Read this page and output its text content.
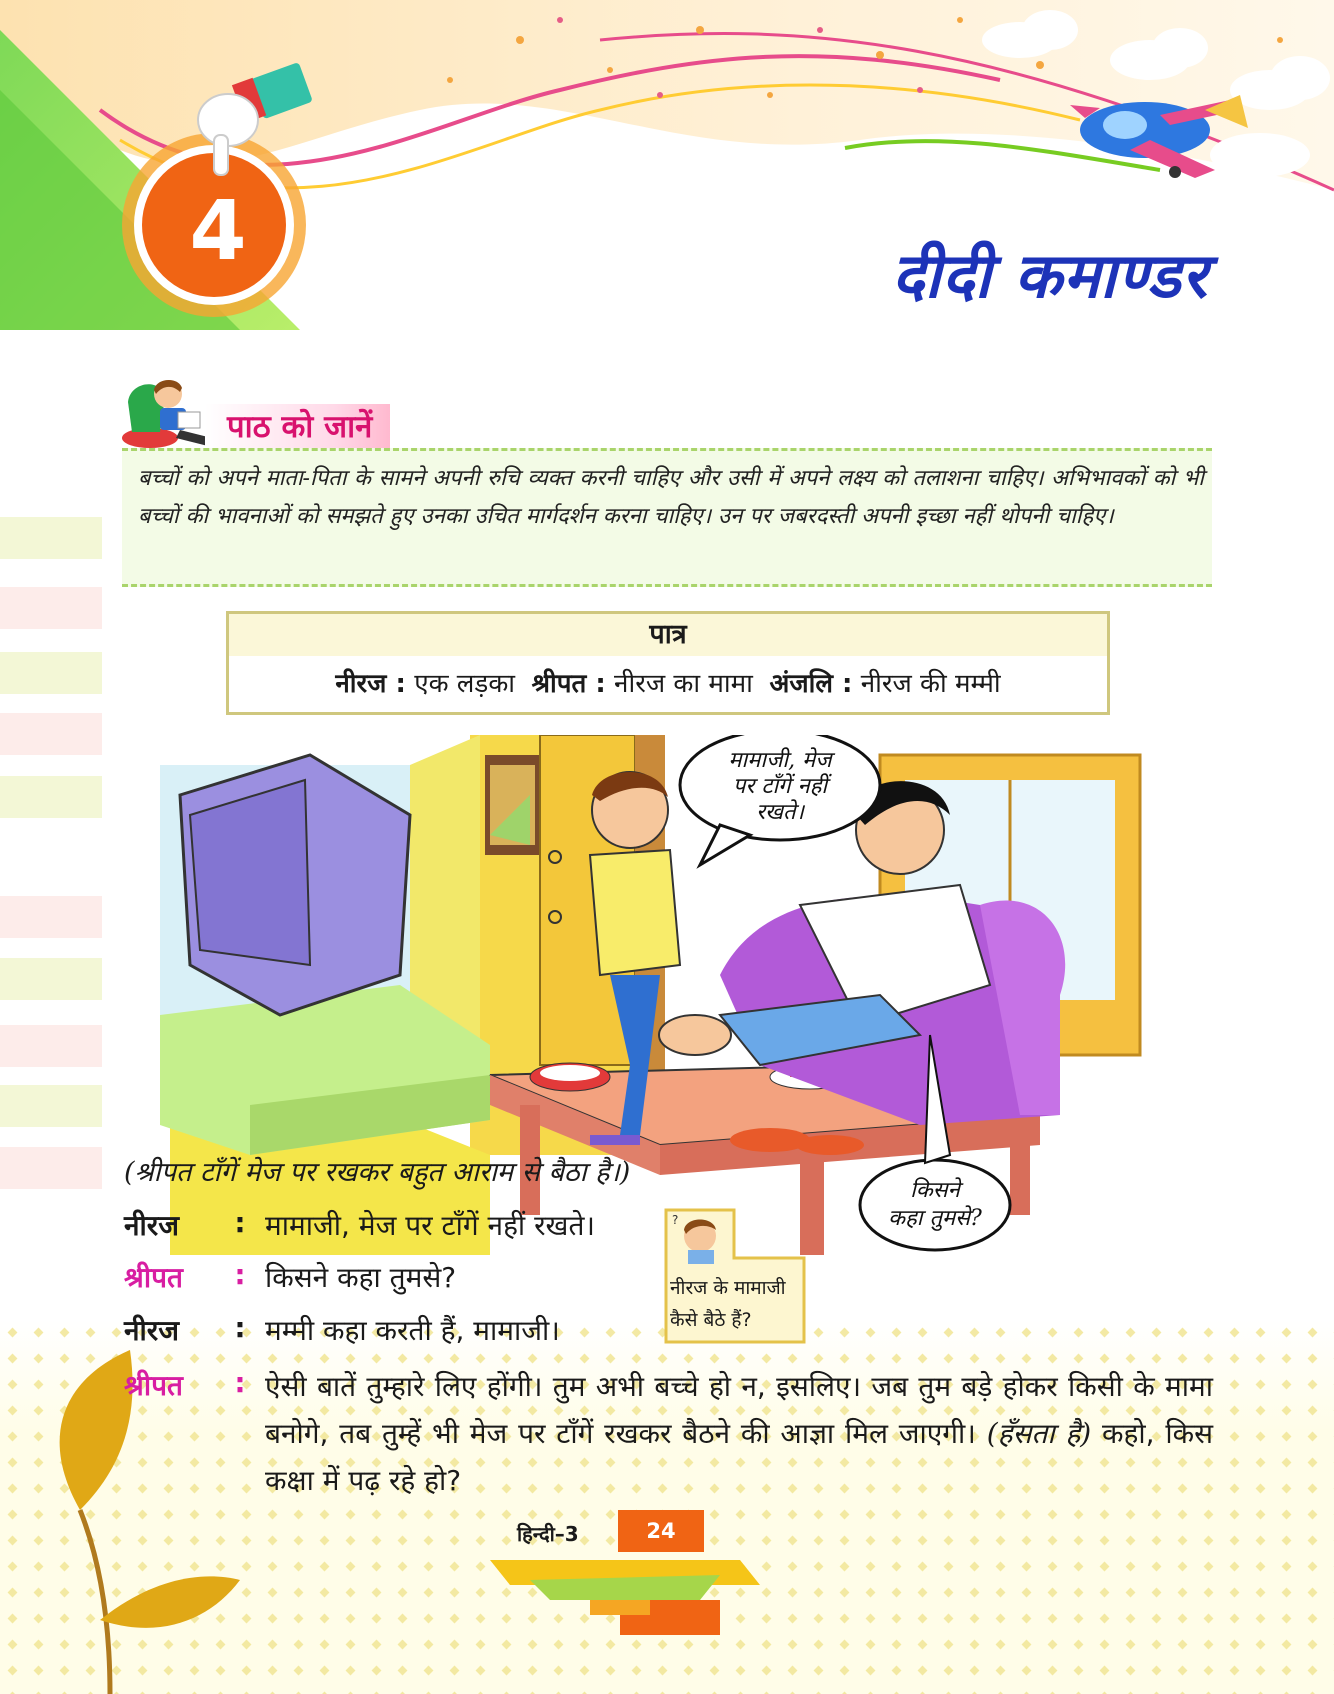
4	दीदी कमाण्डर
पाठ को जानें
बच्चों को अपने माता-पिता के सामने अपनी रुचि व्यक्त करनी चाहिए और उसी में अपने लक्ष्य को तलाशना चाहिए। अभिभावकों को भी बच्चों की भावनाओं को समझते हुए उनका उचित मार्गदर्शन करना चाहिए। उन पर जबरदस्ती अपनी इच्छा नहीं थोपनी चाहिए।
पात्र
नीरज : एक लड़का श्रीपत : नीरज का मामा अंजलि : नीरज की मम्मी
मामाजी, मेज
पर टाँगें नहीं
रखते।
किसने
कहा तुमसे?
(श्रीपत टाँगें मेज पर रखकर बहुत आराम से बैठा है।)
नीरज	: मामाजी, मेज पर टाँगें नहीं रखते।
श्रीपत	: किसने कहा तुमसे?
नीरज	: मम्मी कहा करती हैं, मामाजी।
श्रीपत	: ऐसी बातें तुम्हारे लिए होंगी। तुम अभी बच्चे हो न, इसलिए। जब तुम बड़े होकर किसी के मामा बनोगे, तब तुम्हें भी मेज पर टाँगें रखकर बैठने की आज्ञा मिल जाएगी। (हँसता है) कहो, किस कक्षा में पढ़ रहे हो?
?
नीरज के मामाजी
कैसे बैठे हैं?
हिन्दी–3	24
